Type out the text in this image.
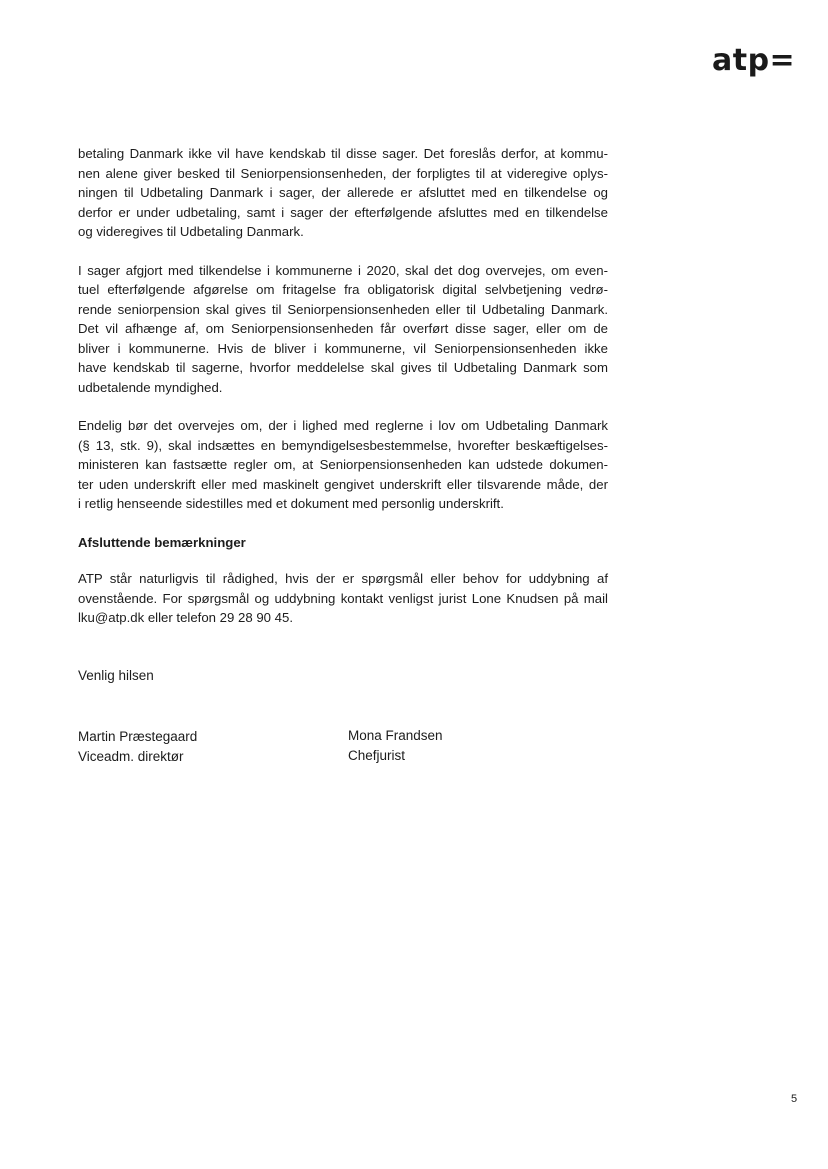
atp=

betaling Danmark ikke vil have kendskab til disse sager. Det foreslås derfor, at kommu-
nen alene giver besked til Seniorpensionsenheden, der forpligtes til at videregive oplys-
ningen til Udbetaling Danmark i sager, der allerede er afsluttet med en tilkendelse og
derfor er under udbetaling, samt i sager der efterfølgende afsluttes med en tilkendelse
og videregives til Udbetaling Danmark.

I sager afgjort med tilkendelse i kommunerne i 2020, skal det dog overvejes, om even-
tuel efterfølgende afgørelse om fritagelse fra obligatorisk digital selvbetjening vedrø-
rende seniorpension skal gives til Seniorpensionsenheden eller til Udbetaling Danmark.
Det vil afhænge af, om Seniorpensionsenheden får overført disse sager, eller om de
bliver i kommunerne. Hvis de bliver i kommunerne, vil Seniorpensionsenheden ikke
have kendskab til sagerne, hvorfor meddelelse skal gives til Udbetaling Danmark som
udbetalende myndighed.

Endelig bør det overvejes om, der i lighed med reglerne i lov om Udbetaling Danmark
(§ 13, stk. 9), skal indsættes en bemyndigelsesbestemmelse, hvorefter beskæftigelses-
ministeren kan fastsætte regler om, at Seniorpensionsenheden kan udstede dokumen-
ter uden underskrift eller med maskinelt gengivet underskrift eller tilsvarende måde, der
i retlig henseende sidestilles med et dokument med personlig underskrift.

Afsluttende bemærkninger

ATP står naturligvis til rådighed, hvis der er spørgsmål eller behov for uddybning af
ovenstående. For spørgsmål og uddybning kontakt venligst jurist Lone Knudsen på mail
lku@atp.dk eller telefon 29 28 90 45.

Venlig hilsen

Martin Præstegaard
Viceadm. direktør
Mona Frandsen
Chefjurist
5
